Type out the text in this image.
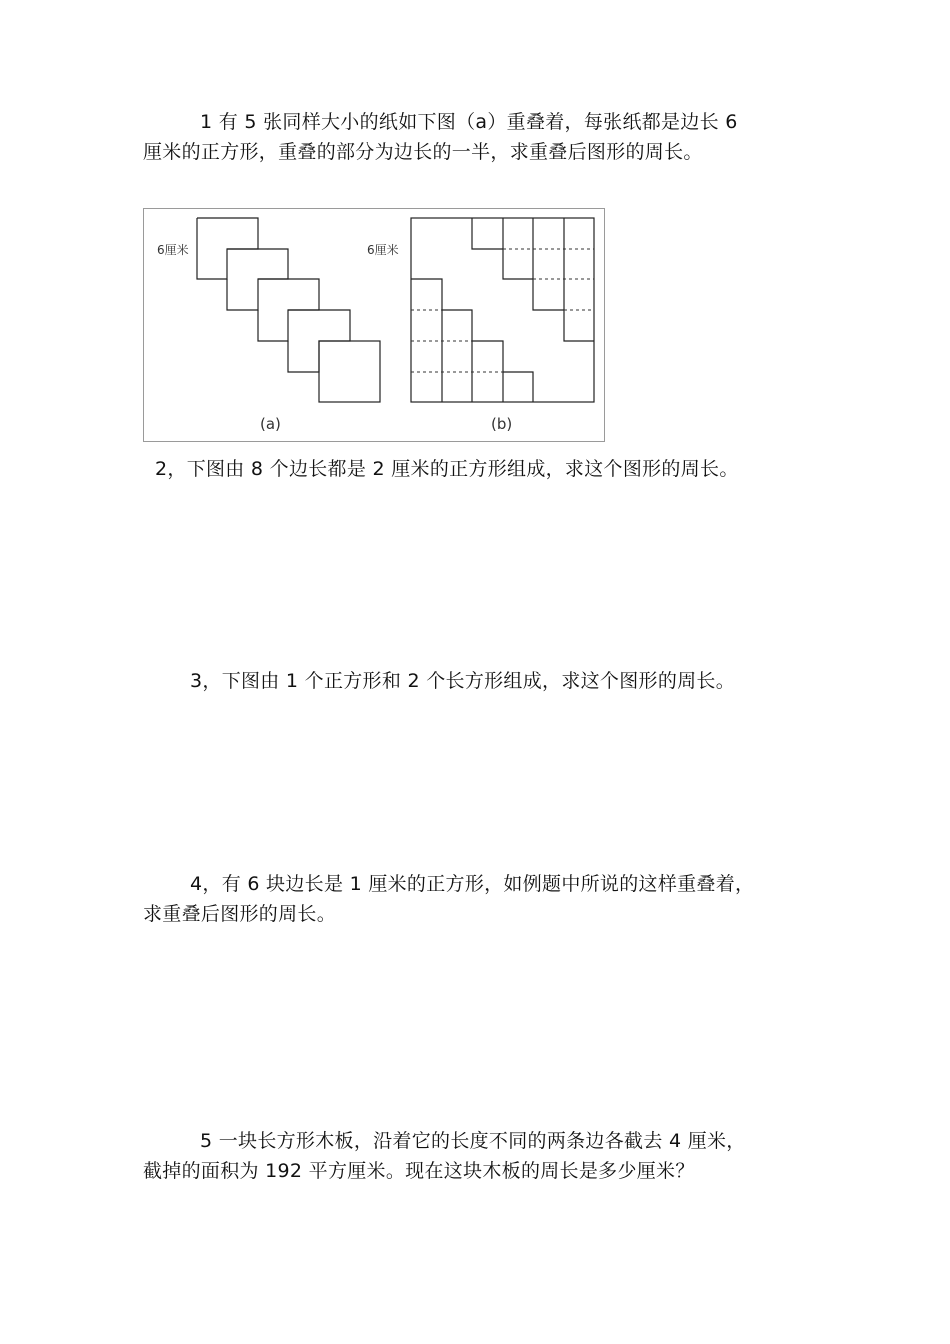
1 有 5 张同样大小的纸如下图（a）重叠着，每张纸都是边长 6

厘米的正方形，重叠的部分为边长的一半，求重叠后图形的周长。

6厘米
(a)
6厘米
(b)

2，下图由 8 个边长都是 2 厘米的正方形组成，求这个图形的周长。

3，下图由 1 个正方形和 2 个长方形组成，求这个图形的周长。

4，有 6 块边长是 1 厘米的正方形，如例题中所说的这样重叠着，

求重叠后图形的周长。

5 一块长方形木板，沿着它的长度不同的两条边各截去 4 厘米，

截掉的面积为 192 平方厘米。现在这块木板的周长是多少厘米？
